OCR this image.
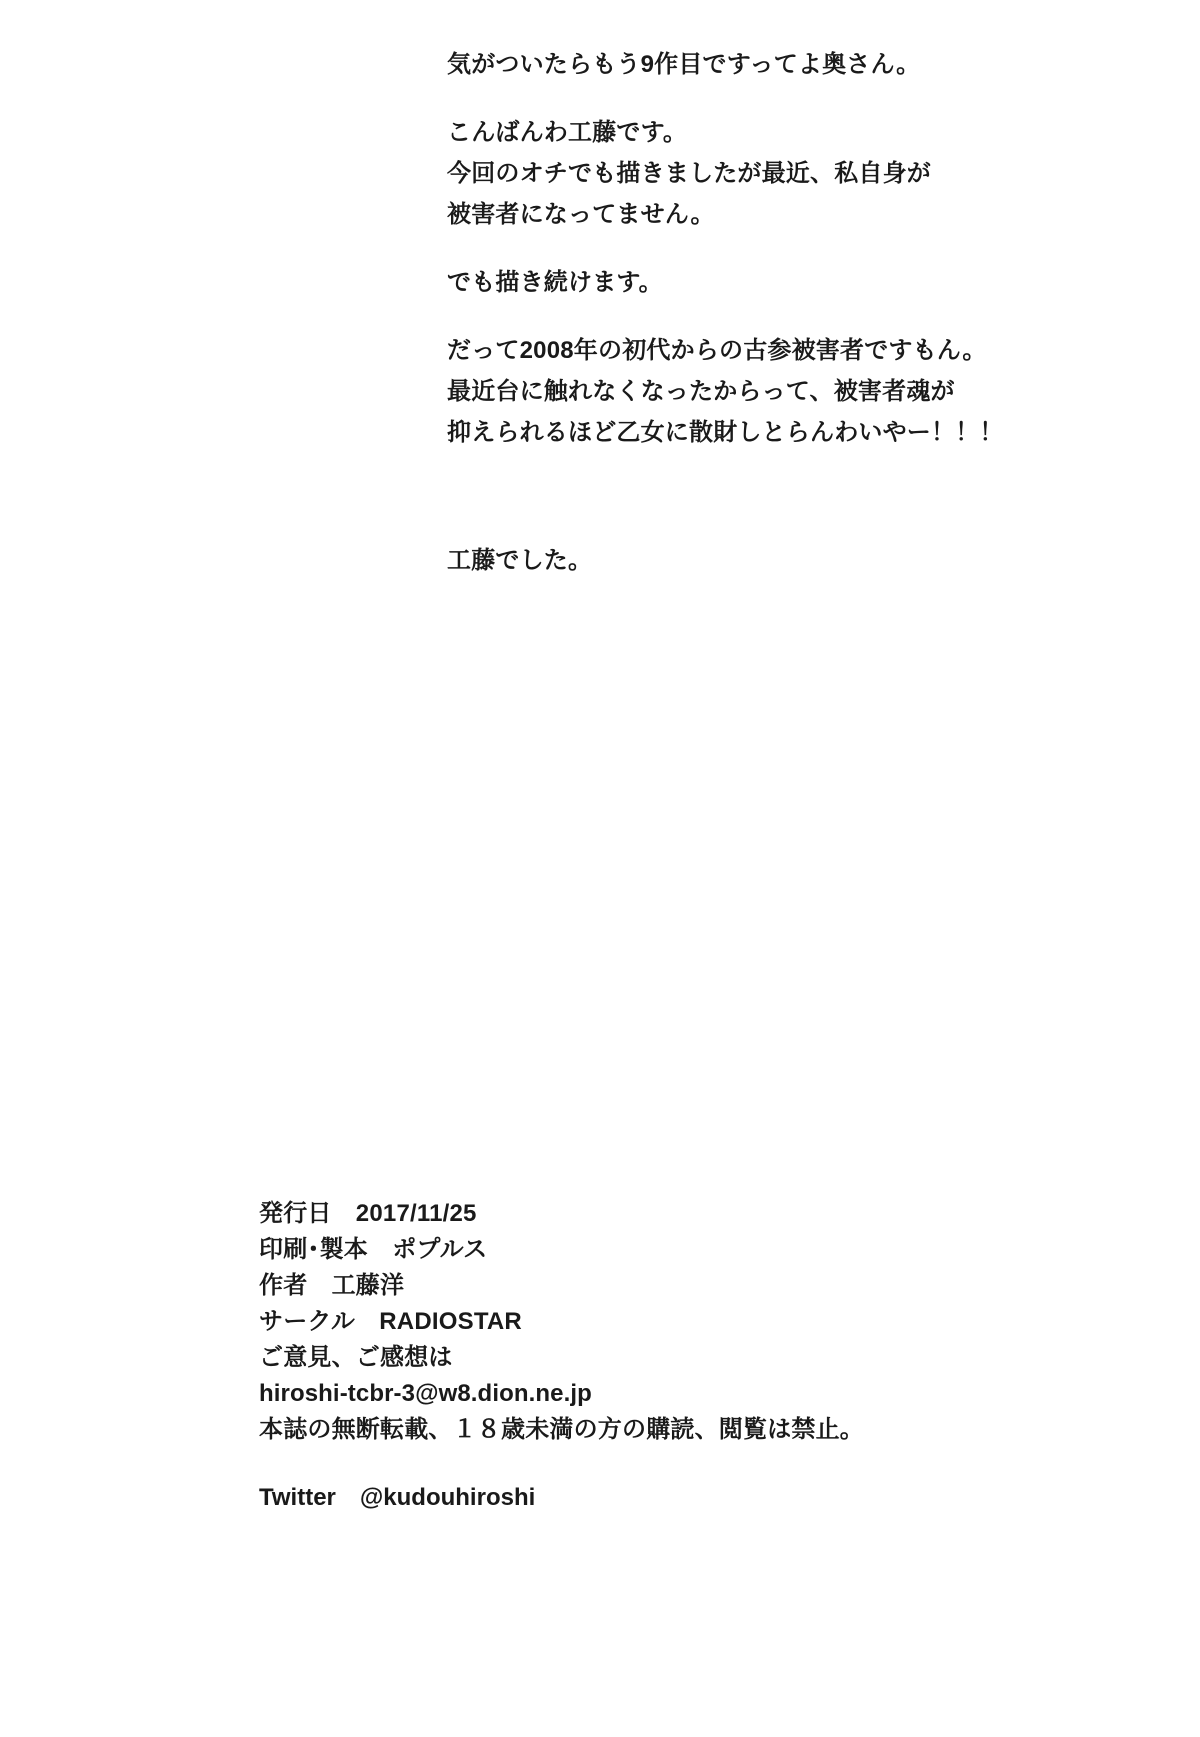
気がついたらもう9作目ですってよ奥さん。
こんばんわ工藤です。
今回のオチでも描きましたが最近、私自身が
被害者になってません。
でも描き続けます。
だって2008年の初代からの古参被害者ですもん。
最近台に触れなくなったからって、被害者魂が
抑えられるほど乙女に散財しとらんわいやー！！！
工藤でした。
発行日　2017/11/25
印刷･製本　ポプルス
作者　工藤洋
サークル　RADIOSTAR
ご意見、ご感想は
hiroshi-tcbr-3@w8.dion.ne.jp
本誌の無断転載、１８歳未満の方の購読、閲覧は禁止。
Twitter　@kudouhiroshi
